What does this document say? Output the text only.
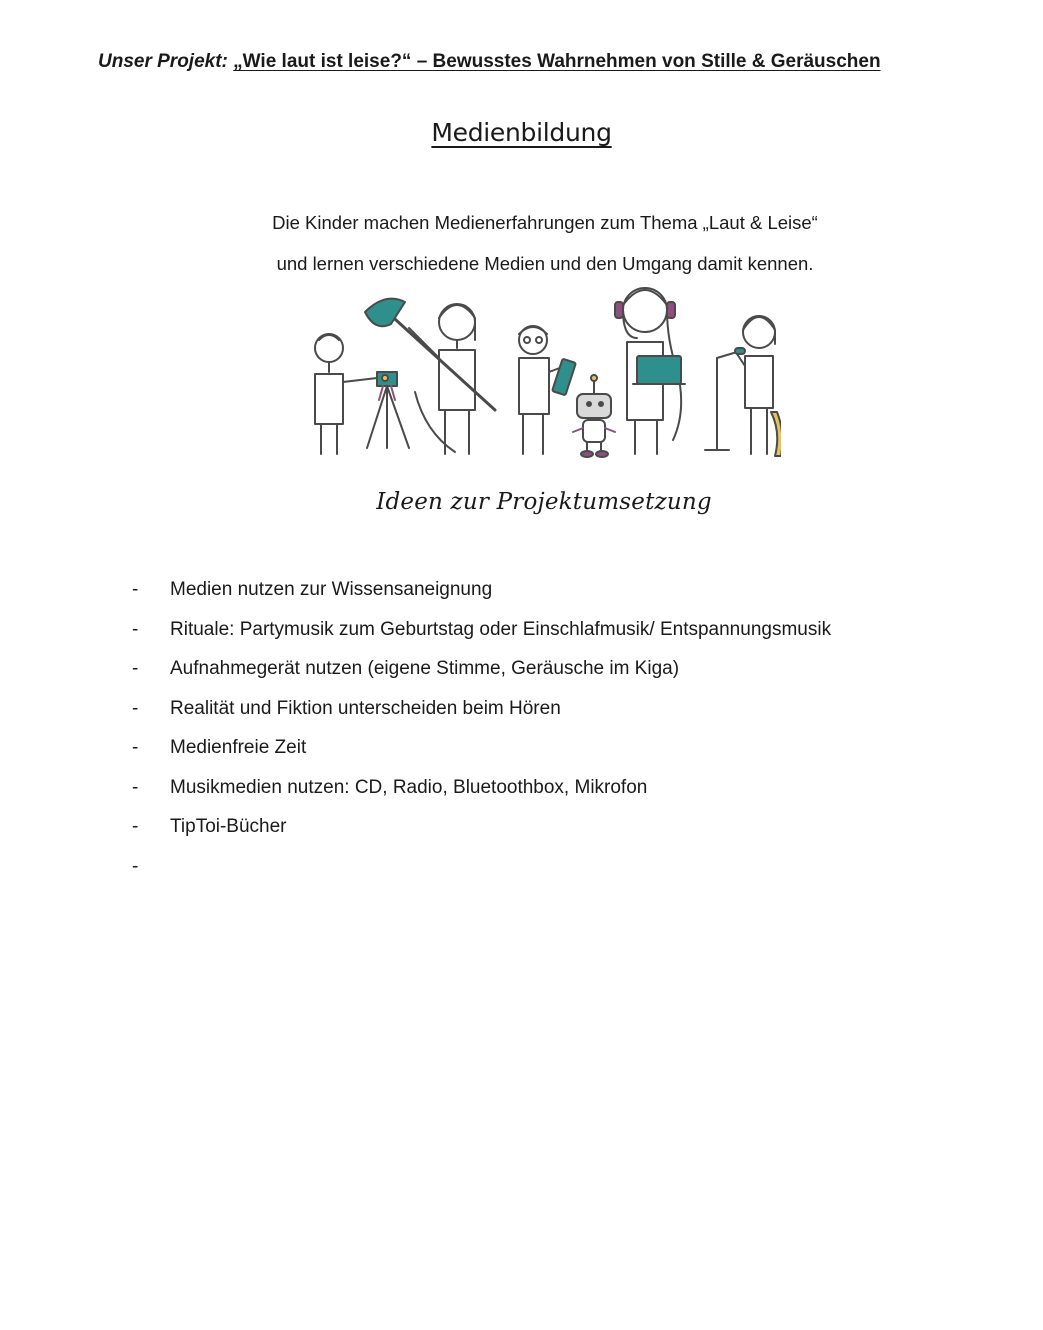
Unser Projekt: „Wie laut ist leise?“ – Bewusstes Wahrnehmen von Stille & Geräuschen
Medienbildung
Die Kinder machen Medienerfahrungen zum Thema „Laut & Leise“
und lernen verschiedene Medien und den Umgang damit kennen.
Ideen zur Projektumsetzung
-	Medien nutzen zur Wissensaneignung
-	Rituale: Partymusik zum Geburtstag oder Einschlafmusik/ Entspannungsmusik
-	Aufnahmegerät nutzen (eigene Stimme, Geräusche im Kiga)
-	Realität und Fiktion unterscheiden beim Hören
-	Medienfreie Zeit
-	Musikmedien nutzen: CD, Radio, Bluetoothbox, Mikrofon
-	TipToi-Bücher
-
